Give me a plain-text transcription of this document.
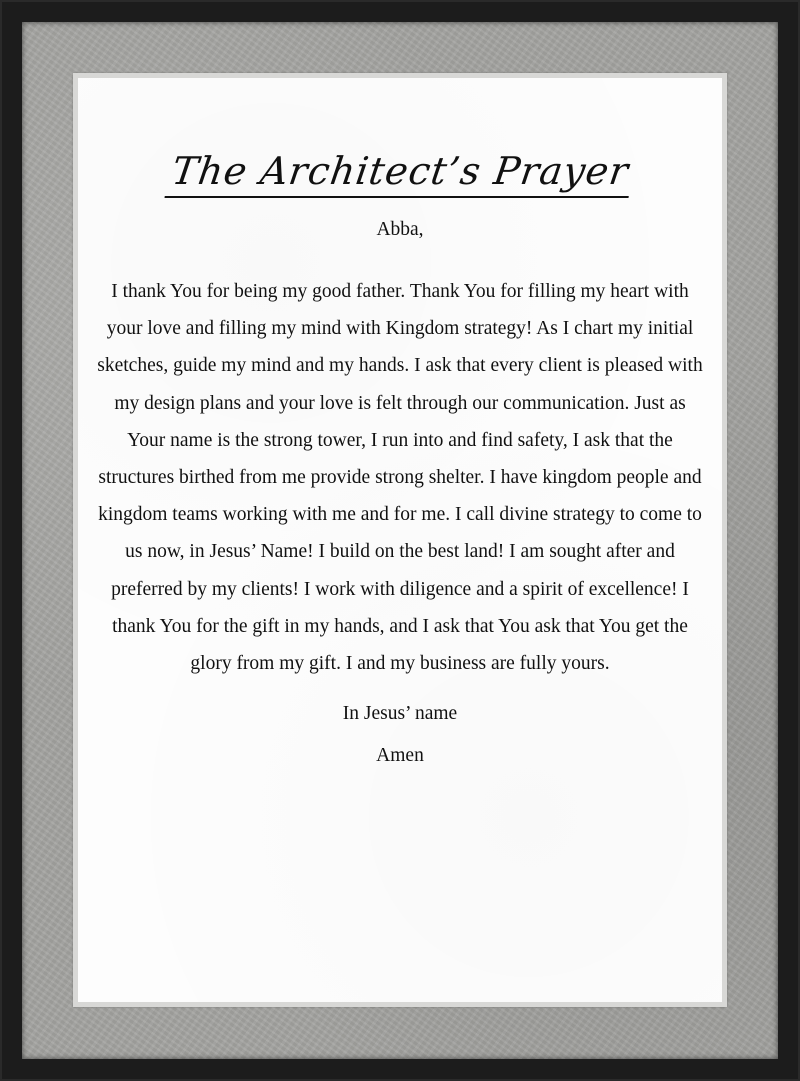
The Architect’s Prayer

Abba,

I thank You for being my good father. Thank You for filling my heart with your love and filling my mind with Kingdom strategy! As I chart my initial sketches, guide my mind and my hands. I ask that every client is pleased with my design plans and your love is felt through our communication. Just as Your name is the strong tower, I run into and find safety, I ask that the structures birthed from me provide strong shelter. I have kingdom people and kingdom teams working with me and for me. I call divine strategy to come to us now, in Jesus’ Name! I build on the best land! I am sought after and preferred by my clients! I work with diligence and a spirit of excellence! I thank You for the gift in my hands, and I ask that You ask that You get the glory from my gift. I and my business are fully yours.

In Jesus’ name

Amen
